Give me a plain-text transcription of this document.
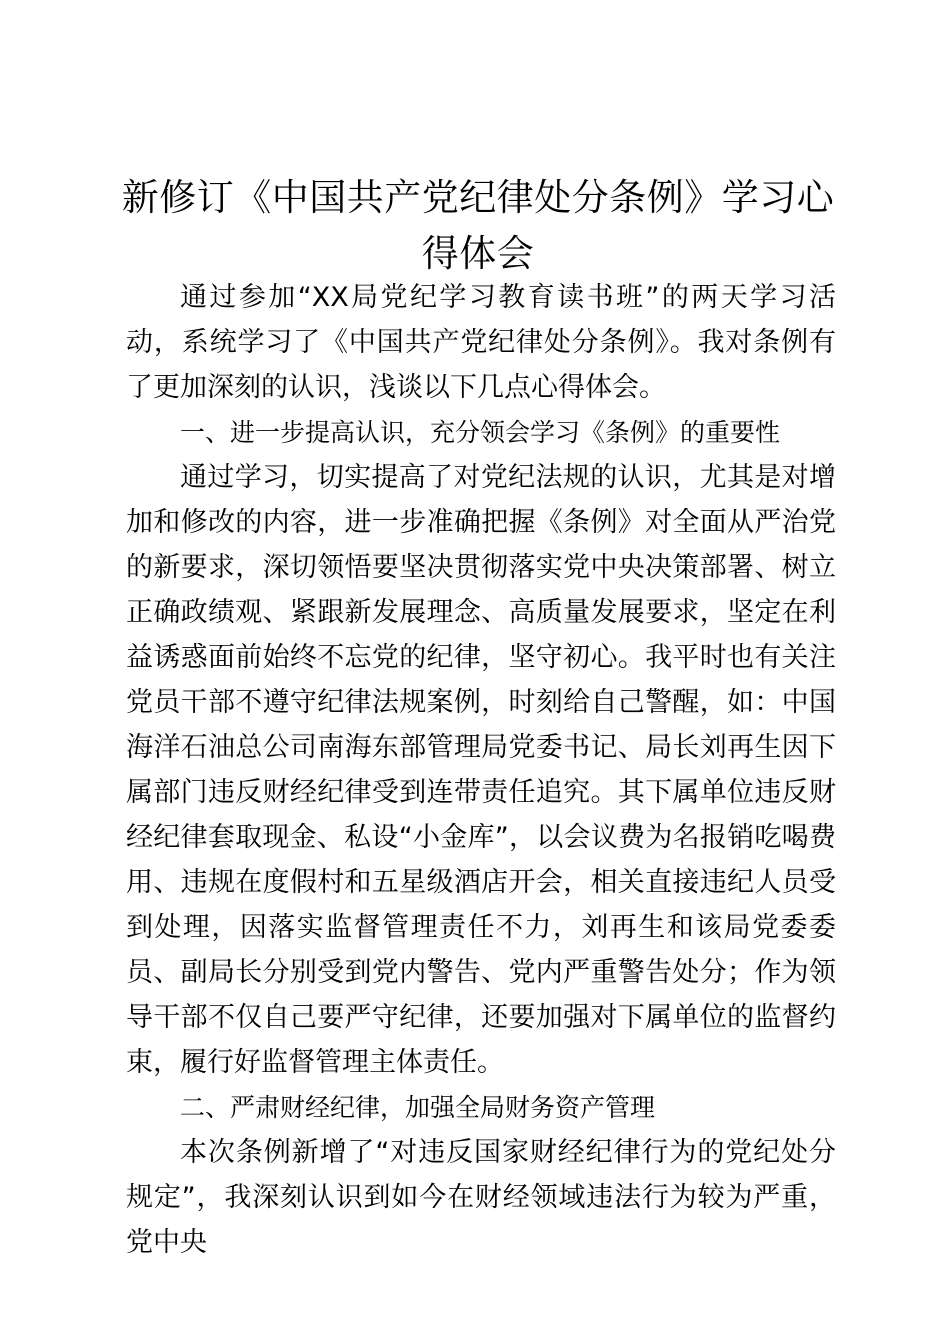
新修订《中国共产党纪律处分条例》学习心得体会

通过参加“XX局党纪学习教育读书班”的两天学习活动，系统学习了《中国共产党纪律处分条例》。我对条例有了更加深刻的认识，浅谈以下几点心得体会。

一、进一步提高认识，充分领会学习《条例》的重要性

通过学习，切实提高了对党纪法规的认识，尤其是对增加和修改的内容，进一步准确把握《条例》对全面从严治党的新要求，深切领悟要坚决贯彻落实党中央决策部署、树立正确政绩观、紧跟新发展理念、高质量发展要求，坚定在利益诱惑面前始终不忘党的纪律，坚守初心。我平时也有关注党员干部不遵守纪律法规案例，时刻给自己警醒，如：中国海洋石油总公司南海东部管理局党委书记、局长刘再生因下属部门违反财经纪律受到连带责任追究。其下属单位违反财经纪律套取现金、私设“小金库”，以会议费为名报销吃喝费用、违规在度假村和五星级酒店开会，相关直接违纪人员受到处理，因落实监督管理责任不力，刘再生和该局党委委员、副局长分别受到党内警告、党内严重警告处分；作为领导干部不仅自己要严守纪律，还要加强对下属单位的监督约束，履行好监督管理主体责任。

二、严肃财经纪律，加强全局财务资产管理

本次条例新增了“对违反国家财经纪律行为的党纪处分规定”，我深刻认识到如今在财经领域违法行为较为严重，党中央
